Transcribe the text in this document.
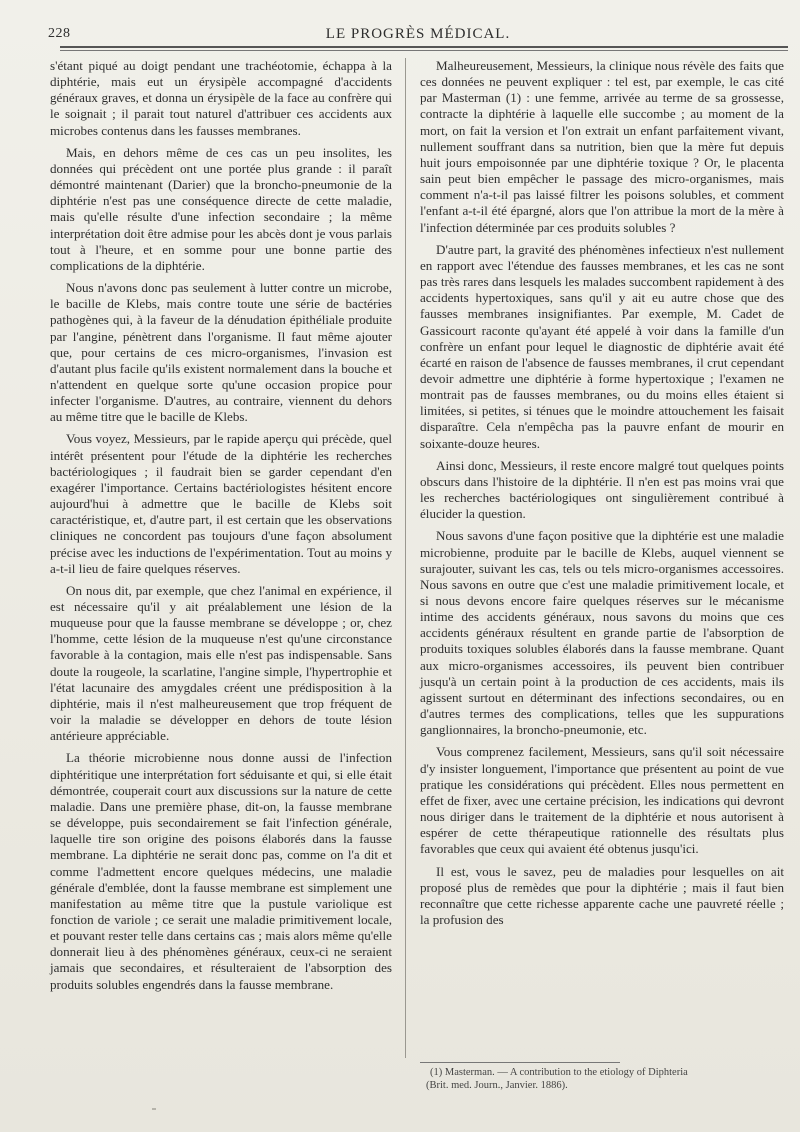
228	LE PROGRÈS MÉDICAL.

s'étant piqué au doigt pendant une trachéotomie, échappa à la diphtérie, mais eut un érysipèle accompagné d'accidents généraux graves, et donna un érysipèle de la face au confrère qui le soignait ; il parait tout naturel d'attribuer ces accidents aux microbes contenus dans les fausses membranes.

Mais, en dehors même de ces cas un peu insolites, les données qui précèdent ont une portée plus grande : il paraît démontré maintenant (Darier) que la broncho-pneumonie de la diphtérie n'est pas une conséquence directe de cette maladie, mais qu'elle résulte d'une infection secondaire ; la même interprétation doit être admise pour les abcès dont je vous parlais tout à l'heure, et en somme pour une bonne partie des complications de la diphtérie.

Nous n'avons donc pas seulement à lutter contre un microbe, le bacille de Klebs, mais contre toute une série de bactéries pathogènes qui, à la faveur de la dénudation épithéliale produite par l'angine, pénètrent dans l'organisme. Il faut même ajouter que, pour certains de ces micro-organismes, l'invasion est d'autant plus facile qu'ils existent normalement dans la bouche et n'attendent en quelque sorte qu'une occasion propice pour infecter l'organisme. D'autres, au contraire, viennent du dehors au même titre que le bacille de Klebs.

Vous voyez, Messieurs, par le rapide aperçu qui précède, quel intérêt présentent pour l'étude de la diphtérie les recherches bactériologiques ; il faudrait bien se garder cependant d'en exagérer l'importance. Certains bactériologistes hésitent encore aujourd'hui à admettre que le bacille de Klebs soit caractéristique, et, d'autre part, il est certain que les observations cliniques ne concordent pas toujours d'une façon absolument précise avec les inductions de l'expérimentation. Tout au moins y a-t-il lieu de faire quelques réserves.

On nous dit, par exemple, que chez l'animal en expérience, il est nécessaire qu'il y ait préalablement une lésion de la muqueuse pour que la fausse membrane se développe ; or, chez l'homme, cette lésion de la muqueuse n'est qu'une circonstance favorable à la contagion, mais elle n'est pas indispensable. Sans doute la rougeole, la scarlatine, l'angine simple, l'hypertrophie et l'état lacunaire des amygdales créent une prédisposition à la diphtérie, mais il n'est malheureusement que trop fréquent de voir la maladie se développer en dehors de toute lésion antérieure appréciable.

La théorie microbienne nous donne aussi de l'infection diphtéritique une interprétation fort séduisante et qui, si elle était démontrée, couperait court aux discussions sur la nature de cette maladie. Dans une première phase, dit-on, la fausse membrane se développe, puis secondairement se fait l'infection générale, laquelle tire son origine des poisons élaborés dans la fausse membrane. La diphtérie ne serait donc pas, comme on l'a dit et comme l'admettent encore quelques médecins, une maladie générale d'emblée, dont la fausse membrane est simplement une manifestation au même titre que la pustule variolique est fonction de variole ; ce serait une maladie primitivement locale, et pouvant rester telle dans certains cas ; mais alors même qu'elle donnerait lieu à des phénomènes généraux, ceux-ci ne seraient jamais que secondaires, et résulteraient de l'absorption des produits solubles engendrés dans la fausse membrane.

Malheureusement, Messieurs, la clinique nous révèle des faits que ces données ne peuvent expliquer : tel est, par exemple, le cas cité par Masterman (1) : une femme, arrivée au terme de sa grossesse, contracte la diphtérie à laquelle elle succombe ; au moment de la mort, on fait la version et l'on extrait un enfant parfaitement vivant, nullement souffrant dans sa nutrition, bien que la mère fut depuis huit jours empoisonnée par une diphtérie toxique ? Or, le placenta sain peut bien empêcher le passage des micro-organismes, mais comment n'a-t-il pas laissé filtrer les poisons solubles, et comment l'enfant a-t-il été épargné, alors que l'on attribue la mort de la mère à l'infection déterminée par ces produits solubles ?

D'autre part, la gravité des phénomènes infectieux n'est nullement en rapport avec l'étendue des fausses membranes, et les cas ne sont pas très rares dans lesquels les malades succombent rapidement à des accidents hypertoxiques, sans qu'il y ait eu autre chose que des fausses membranes insignifiantes. Par exemple, M. Cadet de Gassicourt raconte qu'ayant été appelé à voir dans la famille d'un confrère un enfant pour lequel le diagnostic de diphtérie avait été écarté en raison de l'absence de fausses membranes, il crut cependant devoir admettre une diphtérie à forme hypertoxique ; l'examen ne montrait pas de fausses membranes, ou du moins elles étaient si limitées, si petites, si ténues que le moindre attouchement les faisait disparaître. Cela n'empêcha pas la pauvre enfant de mourir en soixante-douze heures.

Ainsi donc, Messieurs, il reste encore malgré tout quelques points obscurs dans l'histoire de la diphtérie. Il n'en est pas moins vrai que les recherches bactériologiques ont singulièrement contribué à élucider la question.

Nous savons d'une façon positive que la diphtérie est une maladie microbienne, produite par le bacille de Klebs, auquel viennent se surajouter, suivant les cas, tels ou tels micro-organismes accessoires. Nous savons en outre que c'est une maladie primitivement locale, et si nous devons encore faire quelques réserves sur le mécanisme intime des accidents généraux, nous savons du moins que ces accidents généraux résultent en grande partie de l'absorption de produits toxiques solubles élaborés dans la fausse membrane. Quant aux micro-organismes accessoires, ils peuvent bien contribuer jusqu'à un certain point à la production de ces accidents, mais ils agissent surtout en déterminant des infections secondaires, ou en d'autres termes des complications, telles que les suppurations ganglionnaires, la broncho-pneumonie, etc.

Vous comprenez facilement, Messieurs, sans qu'il soit nécessaire d'y insister longuement, l'importance que présentent au point de vue pratique les considérations qui précèdent. Elles nous permettent en effet de fixer, avec une certaine précision, les indications qui devront nous diriger dans le traitement de la diphtérie et nous autorisent à espérer de cette thérapeutique rationnelle des résultats plus favorables que ceux qui avaient été obtenus jusqu'ici.

Il est, vous le savez, peu de maladies pour lesquelles on ait proposé plus de remèdes que pour la diphtérie ; mais il faut bien reconnaître que cette richesse apparente cache une pauvreté réelle ; la profusion des

(1) Masterman. — A contribution to the etiology of Diphteria

(Brit. med. Journ., Janvier. 1886).
